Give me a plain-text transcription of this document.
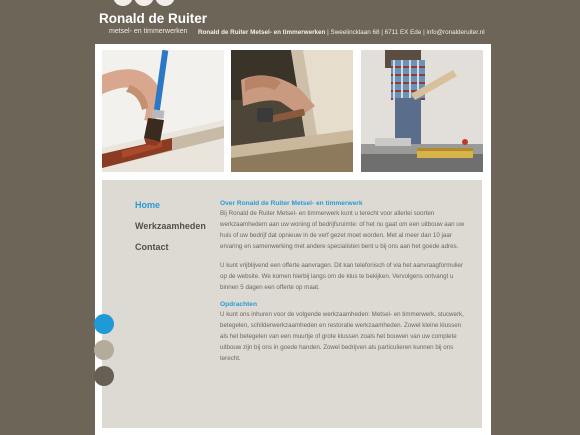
Ronald de Ruiter
metsel- en timmerwerken Ronald de Ruiter Metsel- en timmerwerken | Sweelincklaan 68 | 6711 EX Ede | info@ronalderuiter.nl
Home
Werkzaamheden
Contact

Over Ronald de Ruiter Metsel- en timmerwerk

Bij Ronald de Ruiter Metsel- en timmerwerk kunt u terecht voor allerlei soorten werkzaamhedem aan uw woning of bedrijfsruimte: of het nu gaat om een uitbouw aan uw huis of uw bedrijf dat opnieuw in de verf gezet moet worden. Met al meer dan 10 jaar ervaring en samenwerking met andere specialisten bent u bij ons aan het goede adres.

U kunt vrijblijvend een offerte aanvragen. Dit kan telefonisch of via het aanvraagformulier op de website. We komen hierbij langs om de klus te bekijken. Vervolgens ontvangt u binnen 5 dagen een offerte op maat.

Opdrachten

U kunt ons inhuren voor de volgende werkzaamheden: Metsel- en timmerwerk, stucwerk, betegelen, schilderwerkzaamheden en restoratie werkzaamheden. Zowel kleine klussen als het betegelen van een muurtje of grote klussen zoals het bouwen van uw complete uitbouw zijn bij ons in goede handen. Zowel bedrijven als particulieren kunnen bij ons terecht.
